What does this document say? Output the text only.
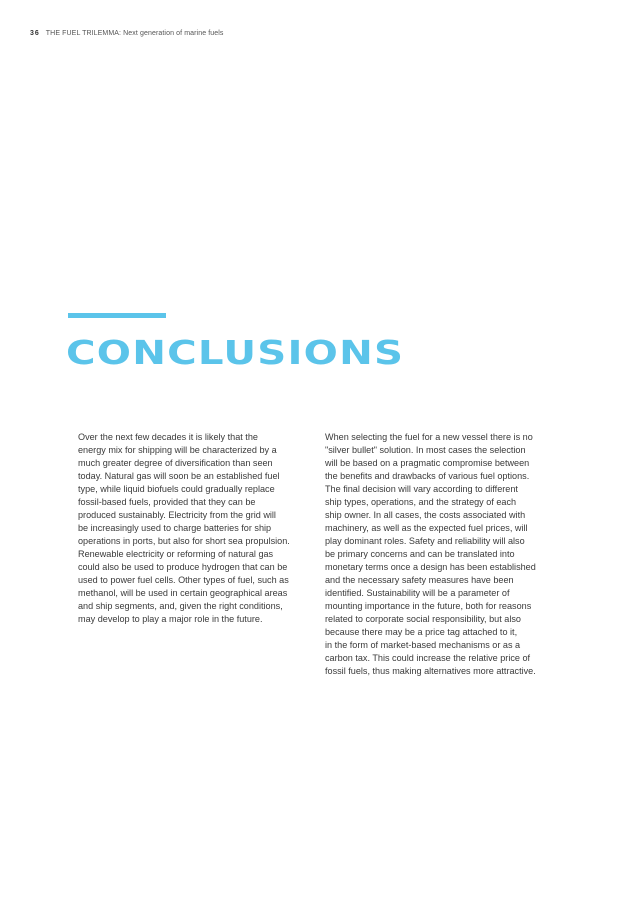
36 THE FUEL TRILEMMA: Next generation of marine fuels
CONCLUSIONS
Over the next few decades it is likely that the
energy mix for shipping will be characterized by a
much greater degree of diversification than seen
today. Natural gas will soon be an established fuel
type, while liquid biofuels could gradually replace
fossil-based fuels, provided that they can be
produced sustainably. Electricity from the grid will
be increasingly used to charge batteries for ship
operations in ports, but also for short sea propulsion.
Renewable electricity or reforming of natural gas
could also be used to produce hydrogen that can be
used to power fuel cells. Other types of fuel, such as
methanol, will be used in certain geographical areas
and ship segments, and, given the right conditions,
may develop to play a major role in the future.
When selecting the fuel for a new vessel there is no
"silver bullet" solution. In most cases the selection
will be based on a pragmatic compromise between
the benefits and drawbacks of various fuel options.
The final decision will vary according to different
ship types, operations, and the strategy of each
ship owner. In all cases, the costs associated with
machinery, as well as the expected fuel prices, will
play dominant roles. Safety and reliability will also
be primary concerns and can be translated into
monetary terms once a design has been established
and the necessary safety measures have been
identified. Sustainability will be a parameter of
mounting importance in the future, both for reasons
related to corporate social responsibility, but also
because there may be a price tag attached to it,
in the form of market-based mechanisms or as a
carbon tax. This could increase the relative price of
fossil fuels, thus making alternatives more attractive.
